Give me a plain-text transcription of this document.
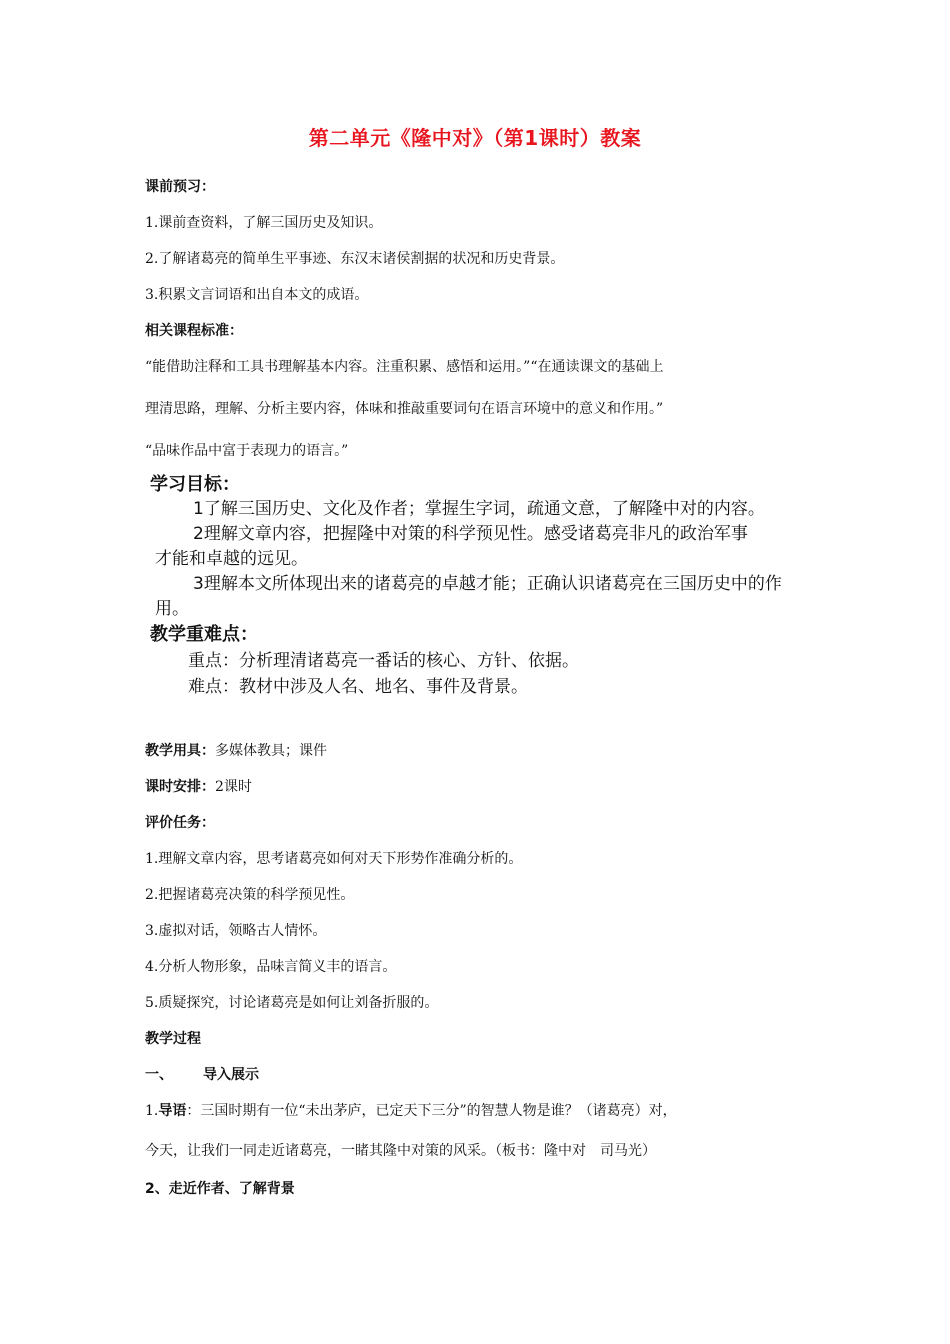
第二单元《隆中对》（第1课时）教案
课前预习：
1.课前查资料，了解三国历史及知识。
2.了解诸葛亮的简单生平事迹、东汉末诸侯割据的状况和历史背景。
3.积累文言词语和出自本文的成语。
相关课程标准：
“能借助注释和工具书理解基本内容。注重积累、感悟和运用。”“在通读课文的基础上
理清思路，理解、分析主要内容，体味和推敲重要词句在语言环境中的意义和作用。”
“品味作品中富于表现力的语言。”
学习目标：
1了解三国历史、文化及作者；掌握生字词，疏通文意，了解隆中对的内容。
2理解文章内容，把握隆中对策的科学预见性。感受诸葛亮非凡的政治军事
才能和卓越的远见。
3理解本文所体现出来的诸葛亮的卓越才能；正确认识诸葛亮在三国历史中的作
用。
教学重难点：
重点：分析理清诸葛亮一番话的核心、方针、依据。
难点：教材中涉及人名、地名、事件及背景。
教学用具：多媒体教具；课件
课时安排：2课时
评价任务：
1.理解文章内容，思考诸葛亮如何对天下形势作准确分析的。
2.把握诸葛亮决策的科学预见性。
3.虚拟对话，领略古人情怀。
4.分析人物形象，品味言简义丰的语言。
5.质疑探究，讨论诸葛亮是如何让刘备折服的。
教学过程
一、 导入展示
1.导语：三国时期有一位“未出茅庐，已定天下三分”的智慧人物是谁？（诸葛亮）对，
今天，让我们一同走近诸葛亮，一睹其隆中对策的风采。（板书：隆中对　司马光）
2、走近作者、了解背景
